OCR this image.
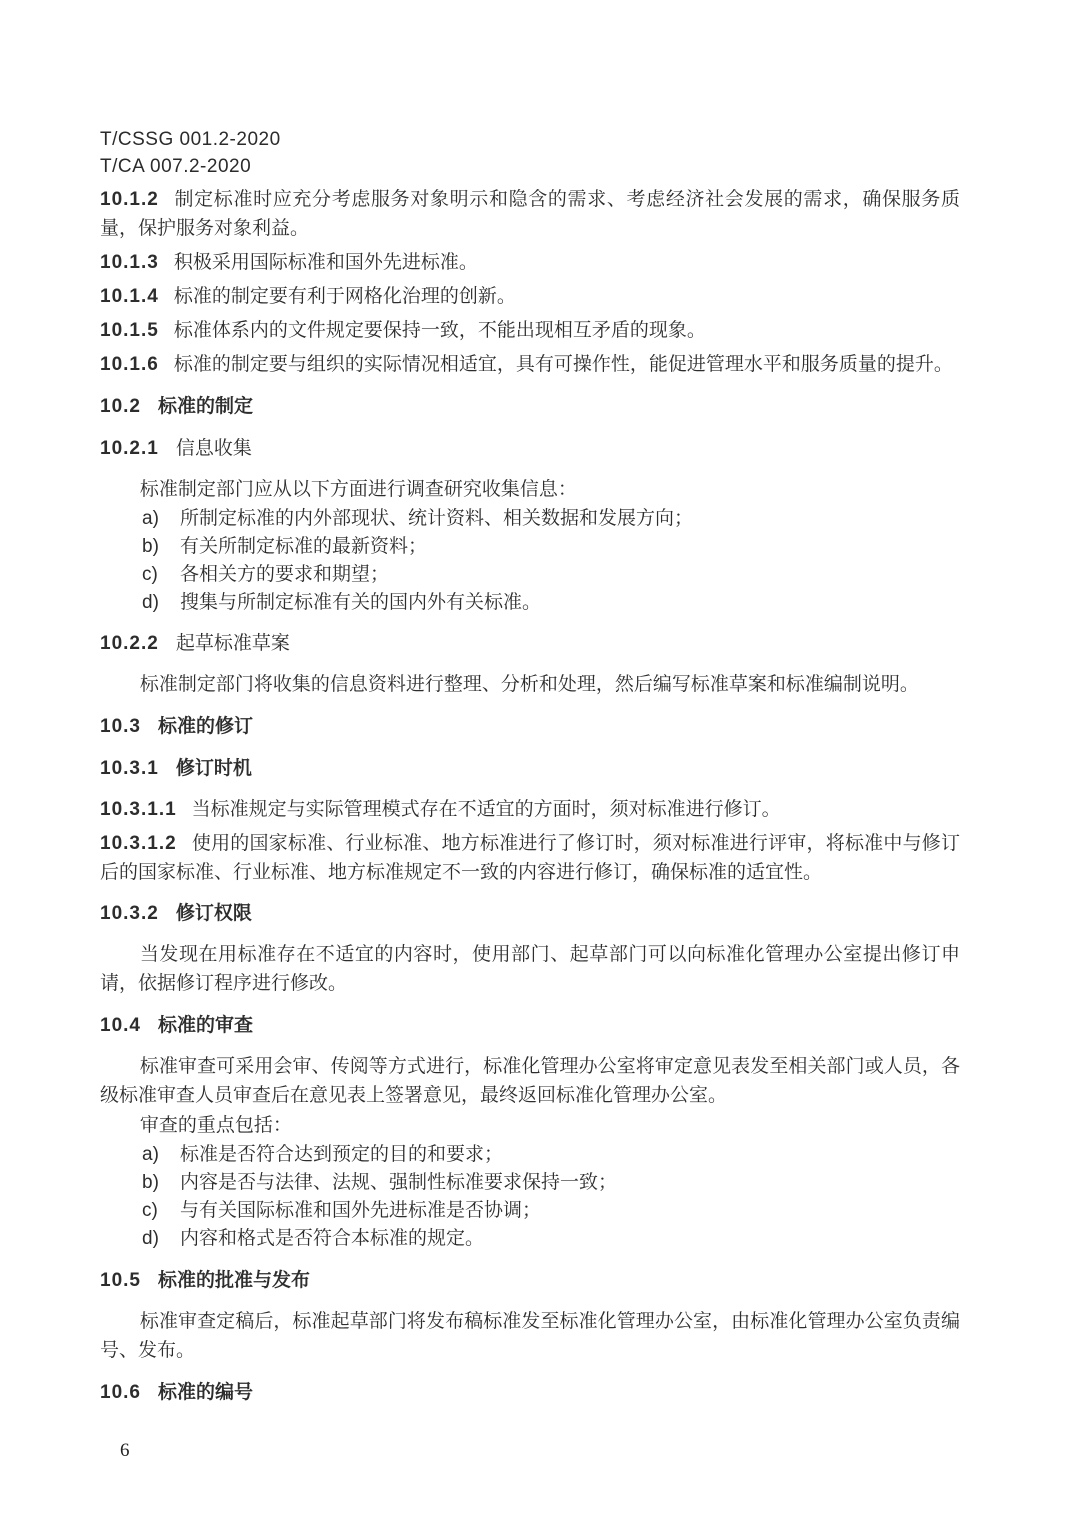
T/CSSG 001.2-2020
T/CA 007.2-2020
10.1.2 制定标准时应充分考虑服务对象明示和隐含的需求、考虑经济社会发展的需求，确保服务质量，保护服务对象利益。
10.1.3 积极采用国际标准和国外先进标准。
10.1.4 标准的制定要有利于网格化治理的创新。
10.1.5 标准体系内的文件规定要保持一致，不能出现相互矛盾的现象。
10.1.6 标准的制定要与组织的实际情况相适宜，具有可操作性，能促进管理水平和服务质量的提升。
10.2 标准的制定
10.2.1 信息收集

标准制定部门应从以下方面进行调查研究收集信息：

a) 所制定标准的内外部现状、统计资料、相关数据和发展方向；
b) 有关所制定标准的最新资料；
c) 各相关方的要求和期望；
d) 搜集与所制定标准有关的国内外有关标准。
10.2.2 起草标准草案

标准制定部门将收集的信息资料进行整理、分析和处理，然后编写标准草案和标准编制说明。

10.3 标准的修订
10.3.1 修订时机
10.3.1.1 当标准规定与实际管理模式存在不适宜的方面时，须对标准进行修订。
10.3.1.2 使用的国家标准、行业标准、地方标准进行了修订时，须对标准进行评审，将标准中与修订后的国家标准、行业标准、地方标准规定不一致的内容进行修订，确保标准的适宜性。
10.3.2 修订权限

当发现在用标准存在不适宜的内容时，使用部门、起草部门可以向标准化管理办公室提出修订申请，依据修订程序进行修改。

10.4 标准的审查

标准审查可采用会审、传阅等方式进行，标准化管理办公室将审定意见表发至相关部门或人员，各级标准审查人员审查后在意见表上签署意见，最终返回标准化管理办公室。

审查的重点包括：

a) 标准是否符合达到预定的目的和要求；
b) 内容是否与法律、法规、强制性标准要求保持一致；
c) 与有关国际标准和国外先进标准是否协调；
d) 内容和格式是否符合本标准的规定。
10.5 标准的批准与发布

标准审查定稿后，标准起草部门将发布稿标准发至标准化管理办公室，由标准化管理办公室负责编号、发布。

10.6 标准的编号
6
